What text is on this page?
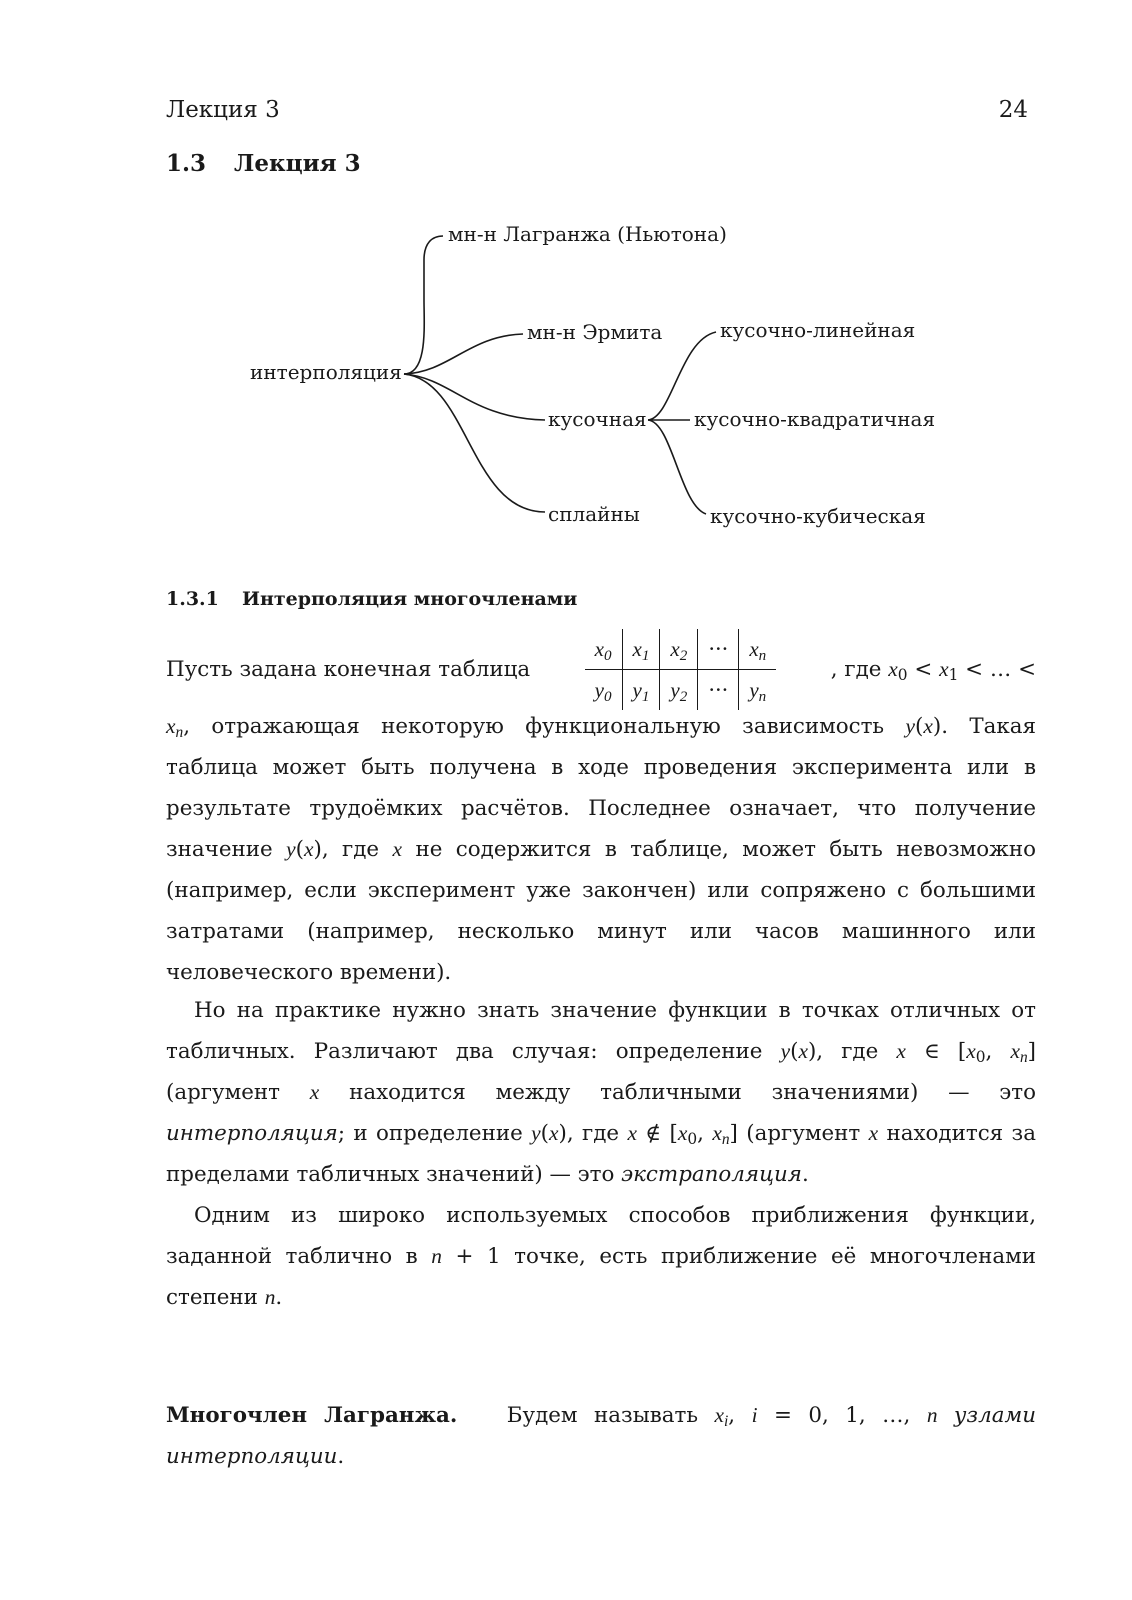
Лекция 3	24
1.3 Лекция 3
мн-н Лагранжа (Ньютона)
мн-н Эрмита
интерполяция
кусочная
сплайны
кусочно-линейная
кусочно-квадратичная
кусочно-кубическая
1.3.1 Интерполяция многочленами
Пусть задана конечная таблица
$x_0$	$x_1$	$x_2$	···	$x_n$
$y_0$	$y_1$	$y_2$	···	$y_n$
, где $x_0 < x_1$ < … <
$x_n$, отражающая некоторую функциональную зависимость y(x). Такая таблица может быть получена в ходе проведения эксперимента или в результате трудоёмких расчётов. Последнее означает, что получение значение y(x), где x не содержится в таблице, может быть невозможно (например, если эксперимент уже закончен) или сопряжено с большими затратами (например, несколько минут или часов машинного или человеческого времени).
Но на практике нужно знать значение функции в точках отличных от табличных. Различают два случая: определение y(x), где x ∈ [$x_0$, $x_n$] (аргумент x находится между табличными значениями) — это интерполяция; и определение y(x), где x ∉ [$x_0$, $x_n$] (аргумент x находится за пределами табличных значений) — это экстраполяция.
Одним из широко используемых способов приближения функции, заданной таблично в n + 1 точке, есть приближение её многочленами степени n.
Многочлен Лагранжа. Будем называть $x_i$, i = 0, 1, …, n узлами интерполяции.
